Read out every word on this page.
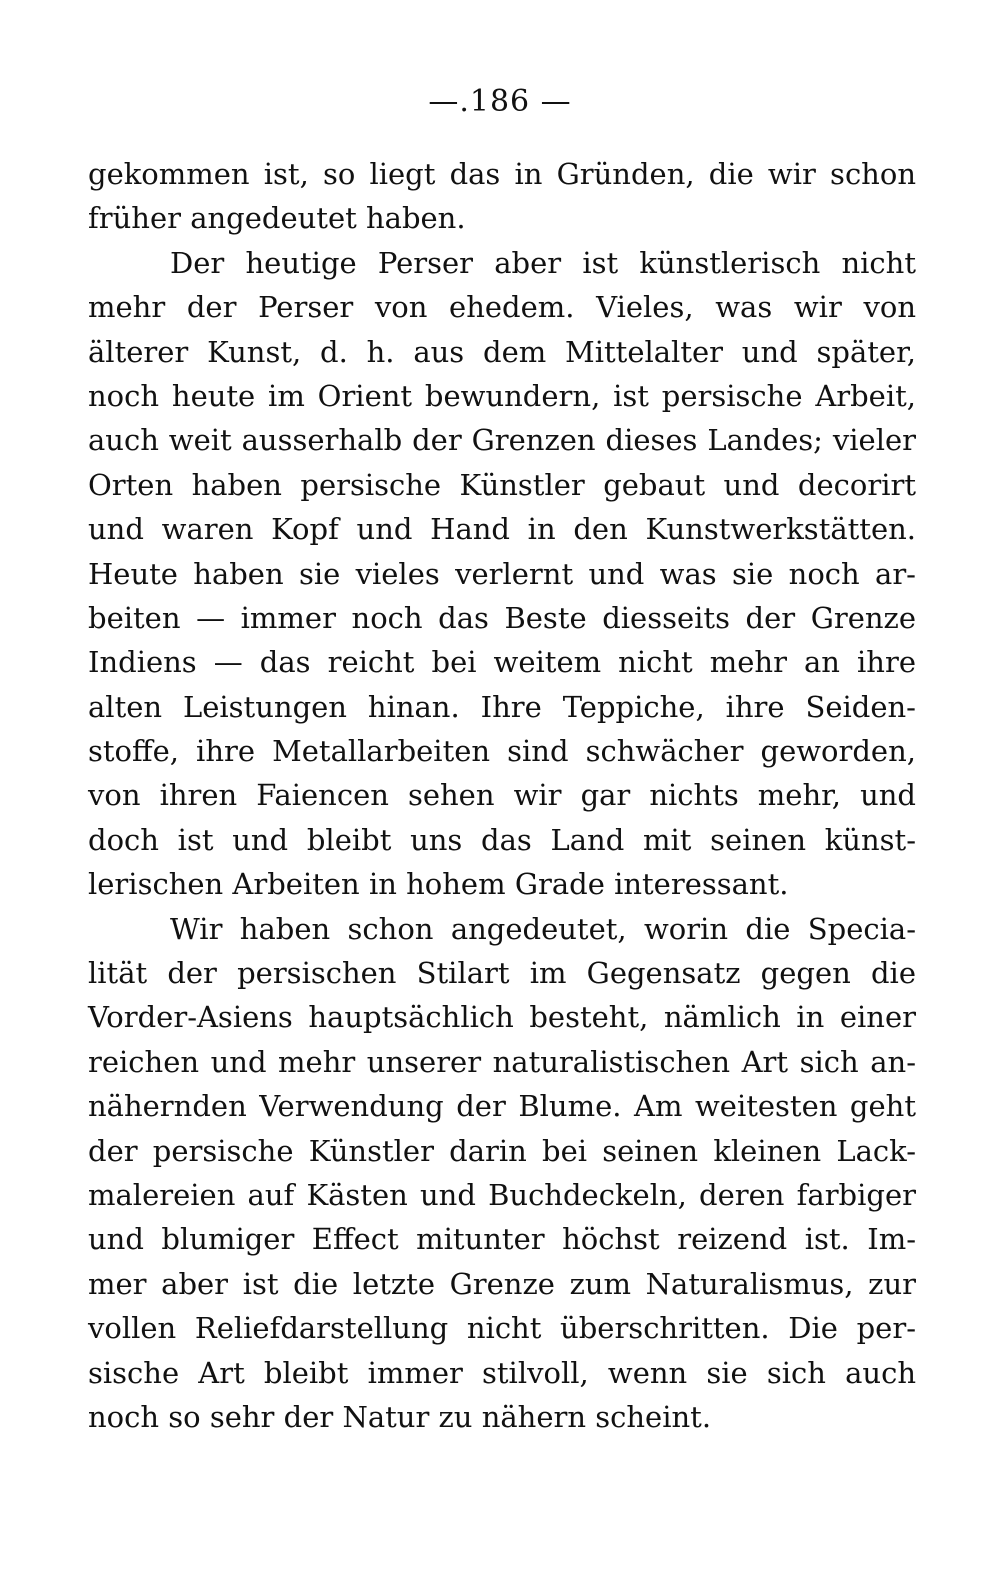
—.186 —
gekommen ist, so liegt das in Gründen, die wir schon
früher angedeutet haben.
Der heutige Perser aber ist künstlerisch nicht
mehr der Perser von ehedem. Vieles, was wir von
älterer Kunst, d. h. aus dem Mittelalter und später,
noch heute im Orient bewundern, ist persische Arbeit,
auch weit ausserhalb der Grenzen dieses Landes; vieler
Orten haben persische Künstler gebaut und decorirt
und waren Kopf und Hand in den Kunstwerkstätten.
Heute haben sie vieles verlernt und was sie noch ar-
beiten — immer noch das Beste diesseits der Grenze
Indiens — das reicht bei weitem nicht mehr an ihre
alten Leistungen hinan. Ihre Teppiche, ihre Seiden-
stoffe, ihre Metallarbeiten sind schwächer geworden,
von ihren Faiencen sehen wir gar nichts mehr, und
doch ist und bleibt uns das Land mit seinen künst-
lerischen Arbeiten in hohem Grade interessant.
Wir haben schon angedeutet, worin die Specia-
lität der persischen Stilart im Gegensatz gegen die
Vorder-Asiens hauptsächlich besteht, nämlich in einer
reichen und mehr unserer naturalistischen Art sich an-
nähernden Verwendung der Blume. Am weitesten geht
der persische Künstler darin bei seinen kleinen Lack-
malereien auf Kästen und Buchdeckeln, deren farbiger
und blumiger Effect mitunter höchst reizend ist. Im-
mer aber ist die letzte Grenze zum Naturalismus, zur
vollen Reliefdarstellung nicht überschritten. Die per-
sische Art bleibt immer stilvoll, wenn sie sich auch
noch so sehr der Natur zu nähern scheint.
